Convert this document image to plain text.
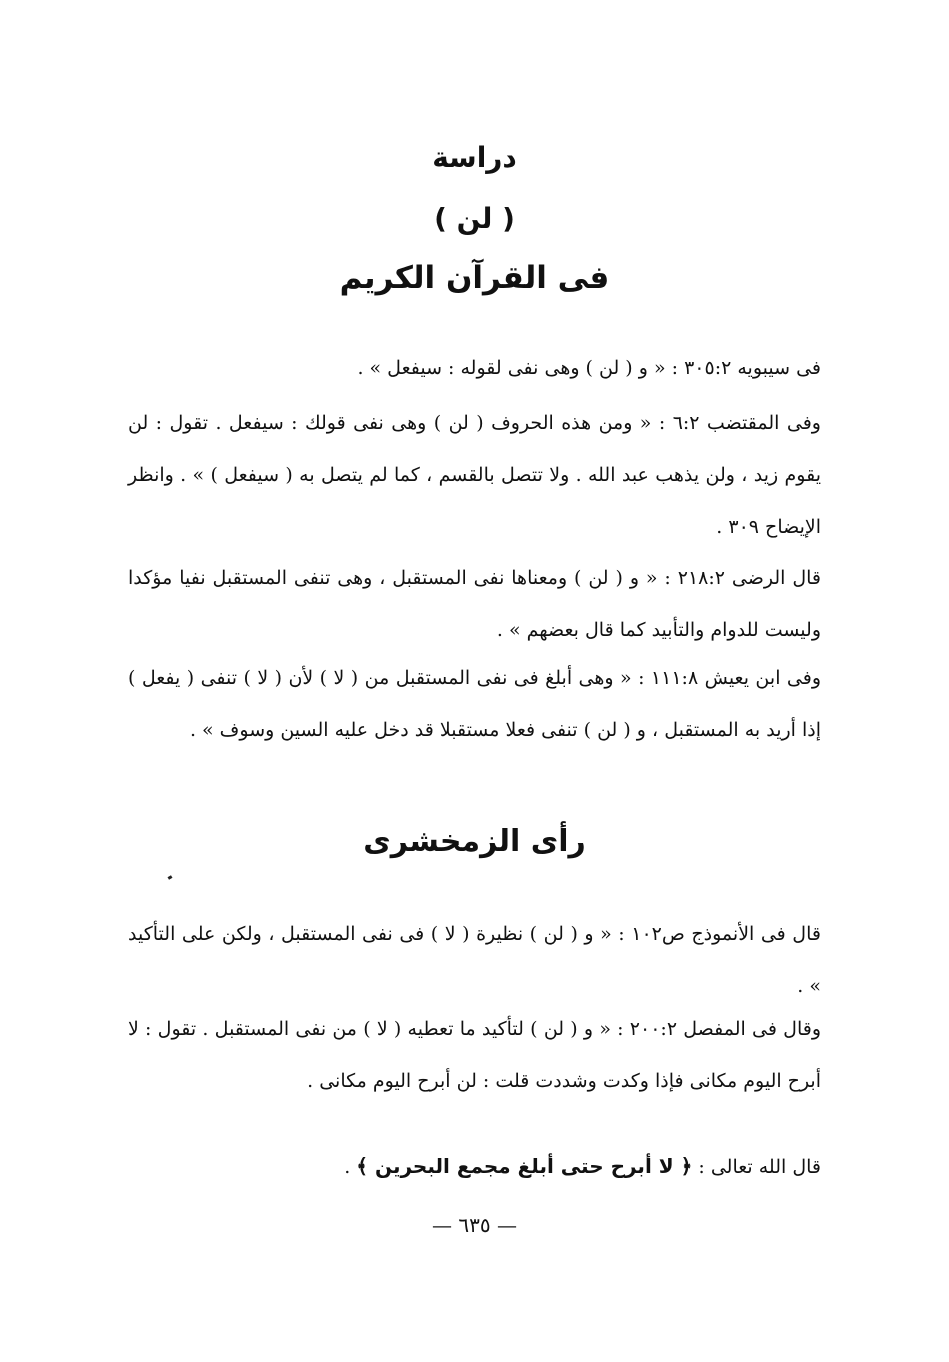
دراسة
( لن )
فى القرآن الكريم
فى سيبويه ٣٠٥:٢ : « و ( لن ) وهى نفى لقوله : سيفعل » .
وفى المقتضب ٦:٢ : « ومن هذه الحروف ( لن ) وهى نفى قولك : سيفعل . تقول : لن يقوم زيد ، ولن يذهب عبد الله . ولا تتصل بالقسم ، كما لم يتصل به ( سيفعل ) » . وانظر الإيضاح ٣٠٩ .
قال الرضى ٢١٨:٢ : « و ( لن ) ومعناها نفى المستقبل ، وهى تنفى المستقبل نفيا مؤكدا وليست للدوام والتأبيد كما قال بعضهم » .
وفى ابن يعيش ١١١:٨ : « وهى أبلغ فى نفى المستقبل من ( لا ) لأن ( لا ) تنفى ( يفعل ) إذا أريد به المستقبل ، و ( لن ) تنفى فعلا مستقبلا قد دخل عليه السين وسوف » .
رأى الزمخشرى
قال فى الأنموذج ص١٠٢ : « و ( لن ) نظيرة ( لا ) فى نفى المستقبل ، ولكن على التأكيد » .
وقال فى المفصل ٢٠٠:٢ : « و ( لن ) لتأكيد ما تعطيه ( لا ) من نفى المستقبل . تقول : لا أبرح اليوم مكانى فإذا وكدت وشددت قلت : لن أبرح اليوم مكانى .
قال الله تعالى : ﴿ لا أبرح حتى أبلغ مجمع البحرين ﴾ .
— ٦٣٥ —
